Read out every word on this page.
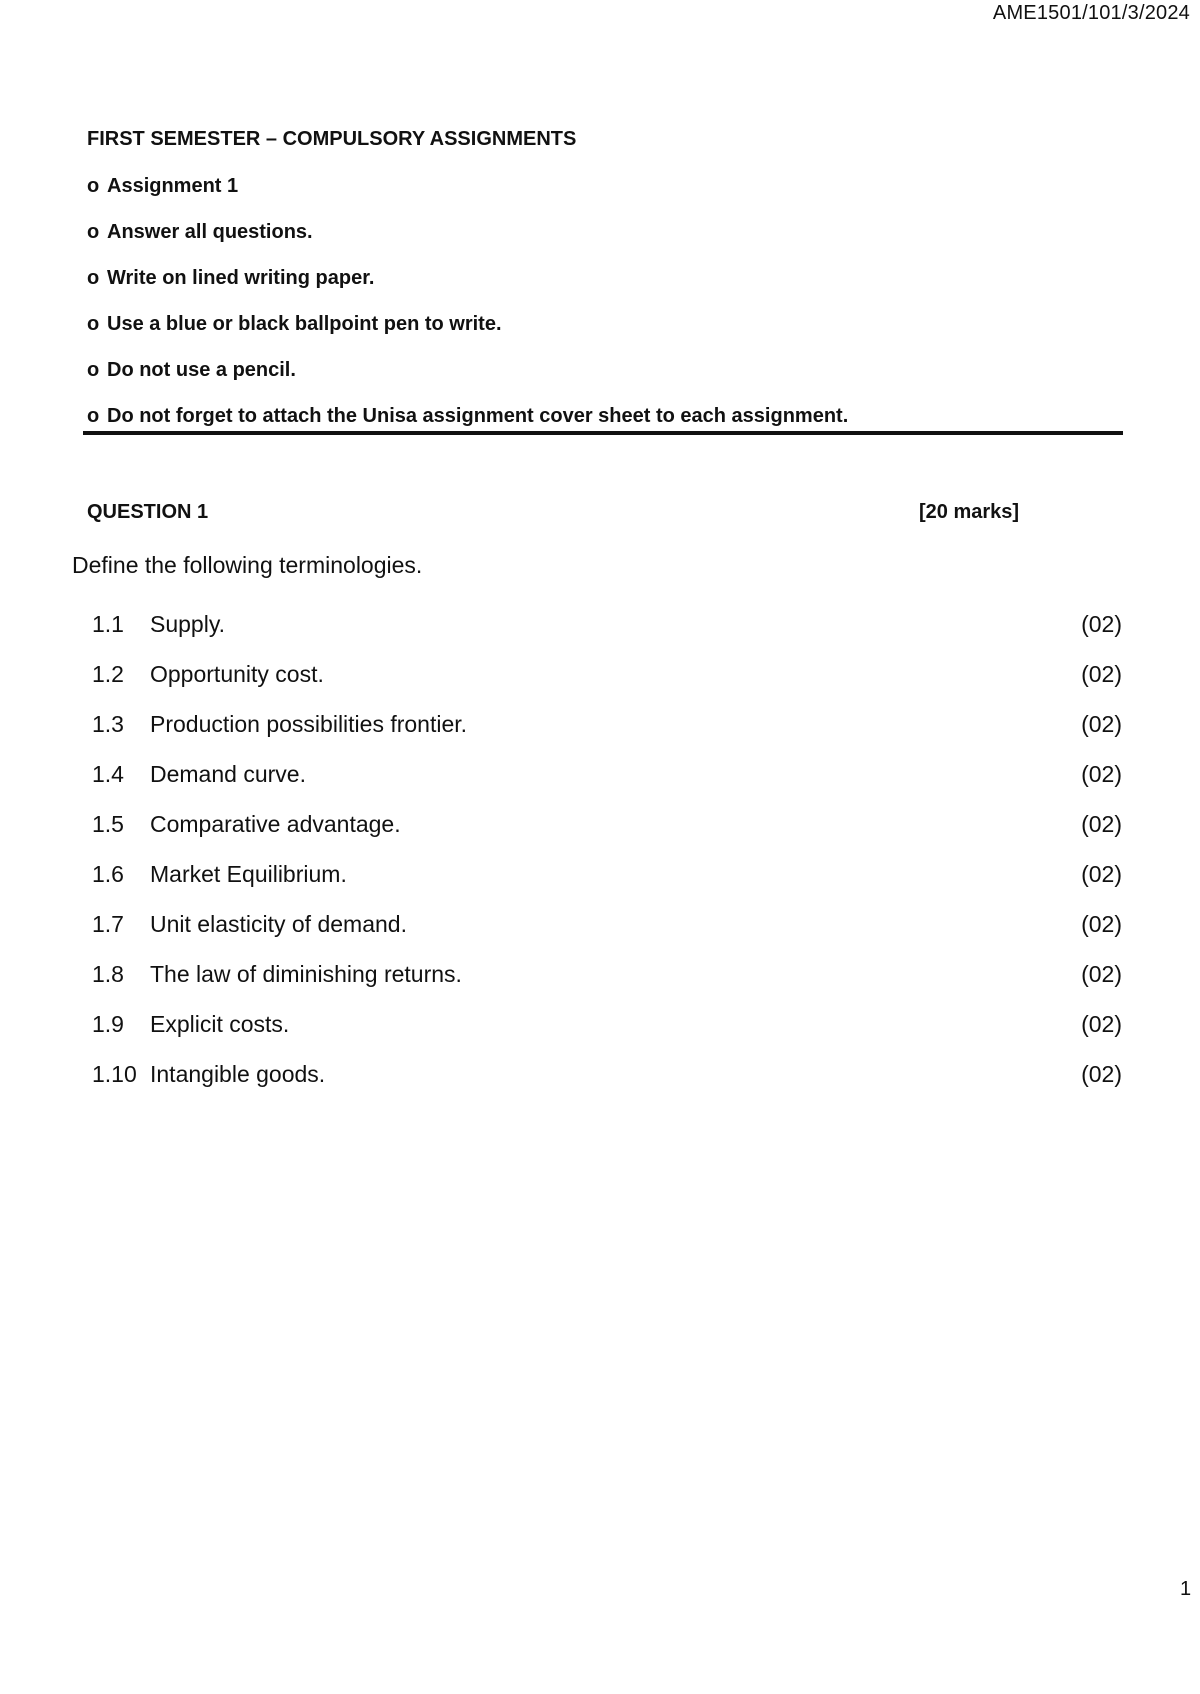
AME1501/101/3/2024
FIRST SEMESTER – COMPULSORY ASSIGNMENTS
o Assignment 1
o Answer all questions.
o Write on lined writing paper.
o Use a blue or black ballpoint pen to write.
o Do not use a pencil.
o Do not forget to attach the Unisa assignment cover sheet to each assignment.
QUESTION 1	[20 marks]
Define the following terminologies.
1.1 Supply.	(02)
1.2 Opportunity cost.	(02)
1.3 Production possibilities frontier.	(02)
1.4 Demand curve.	(02)
1.5 Comparative advantage.	(02)
1.6 Market Equilibrium.	(02)
1.7 Unit elasticity of demand.	(02)
1.8 The law of diminishing returns.	(02)
1.9 Explicit costs.	(02)
1.10 Intangible goods.	(02)
1
